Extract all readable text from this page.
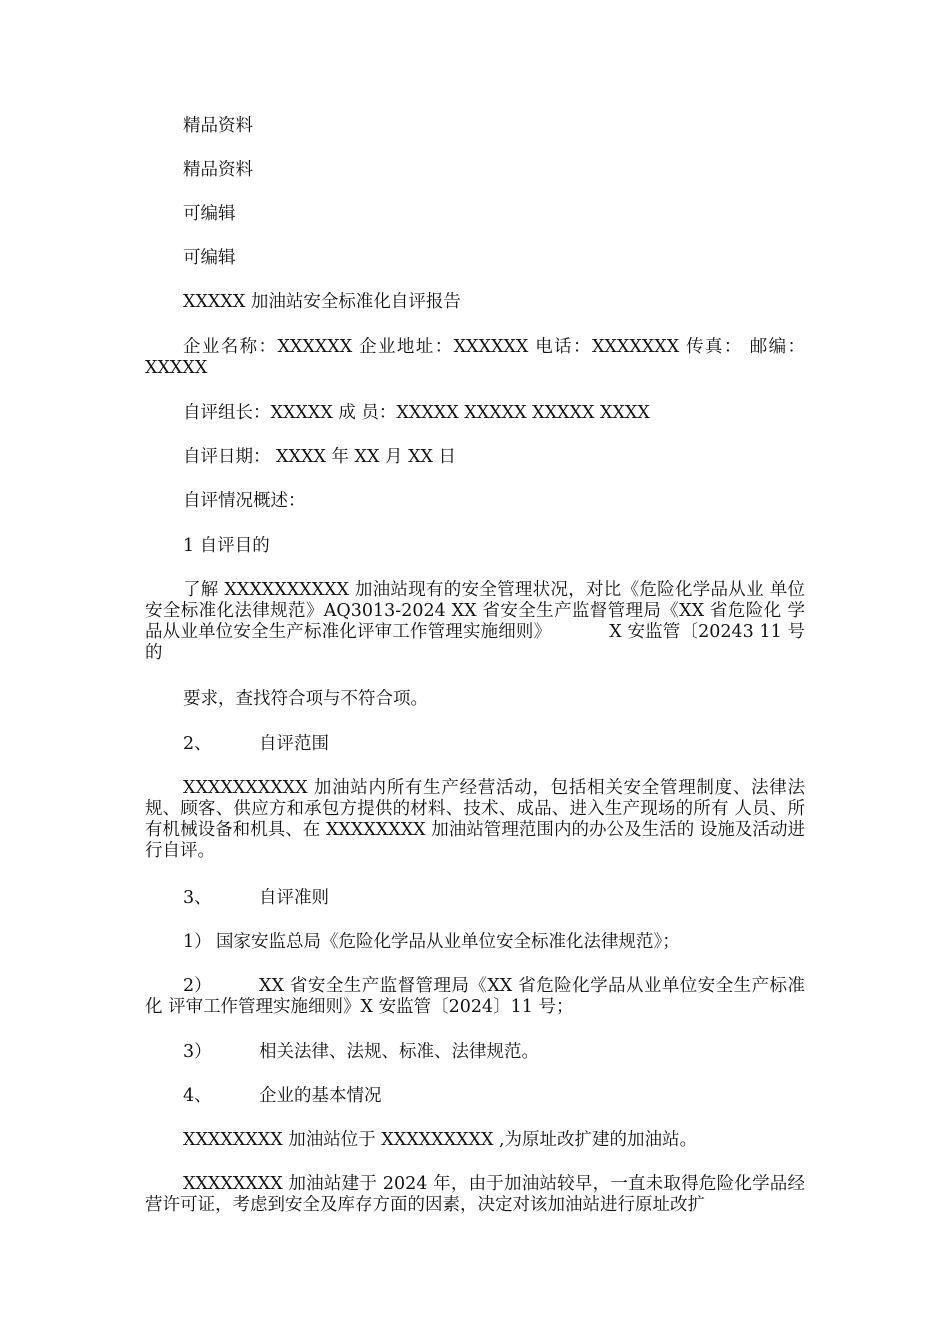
精品资料

精品资料

可编辑

可编辑

XXXXX 加油站安全标准化自评报告

企业名称：XXXXXX 企业地址：XXXXXX 电话：XXXXXXX 传真： 邮编：XXXXX

自评组长：XXXXX 成 员：XXXXX XXXXX XXXXX XXXX

自评日期： XXXX 年 XX 月 XX 日

自评情况概述：

1 自评目的

了解 XXXXXXXXXX 加油站现有的安全管理状况，对比《危险化学品从业 单位安全标准化法律规范》AQ3013-2024 XX 省安全生产监督管理局《XX 省危险化 学品从业单位安全生产标准化评审工作管理实施细则》	X 安监管〔20243 11 号的

要求，查找符合项与不符合项。

2、	自评范围

XXXXXXXXXX 加油站内所有生产经营活动，包括相关安全管理制度、法律法规、顾客、供应方和承包方提供的材料、技术、成品、进入生产现场的所有 人员、所有机械设备和机具、在 XXXXXXXX 加油站管理范围内的办公及生活的 设施及活动进行自评。

3、	自评准则
1） 国家安监总局《危险化学品从业单位安全标准化法律规范》；

2）	XX 省安全生产监督管理局《XX 省危险化学品从业单位安全生产标准化 评审工作管理实施细则》X 安监管〔2024〕11 号；

3）	相关法律、法规、标准、法律规范。
4、	企业的基本情况

XXXXXXXX 加油站位于 XXXXXXXXX ,为原址改扩建的加油站。

XXXXXXXX 加油站建于 2024 年，由于加油站较早，一直未取得危险化学品经 营许可证，考虑到安全及库存方面的因素，决定对该加油站进行原址改扩
